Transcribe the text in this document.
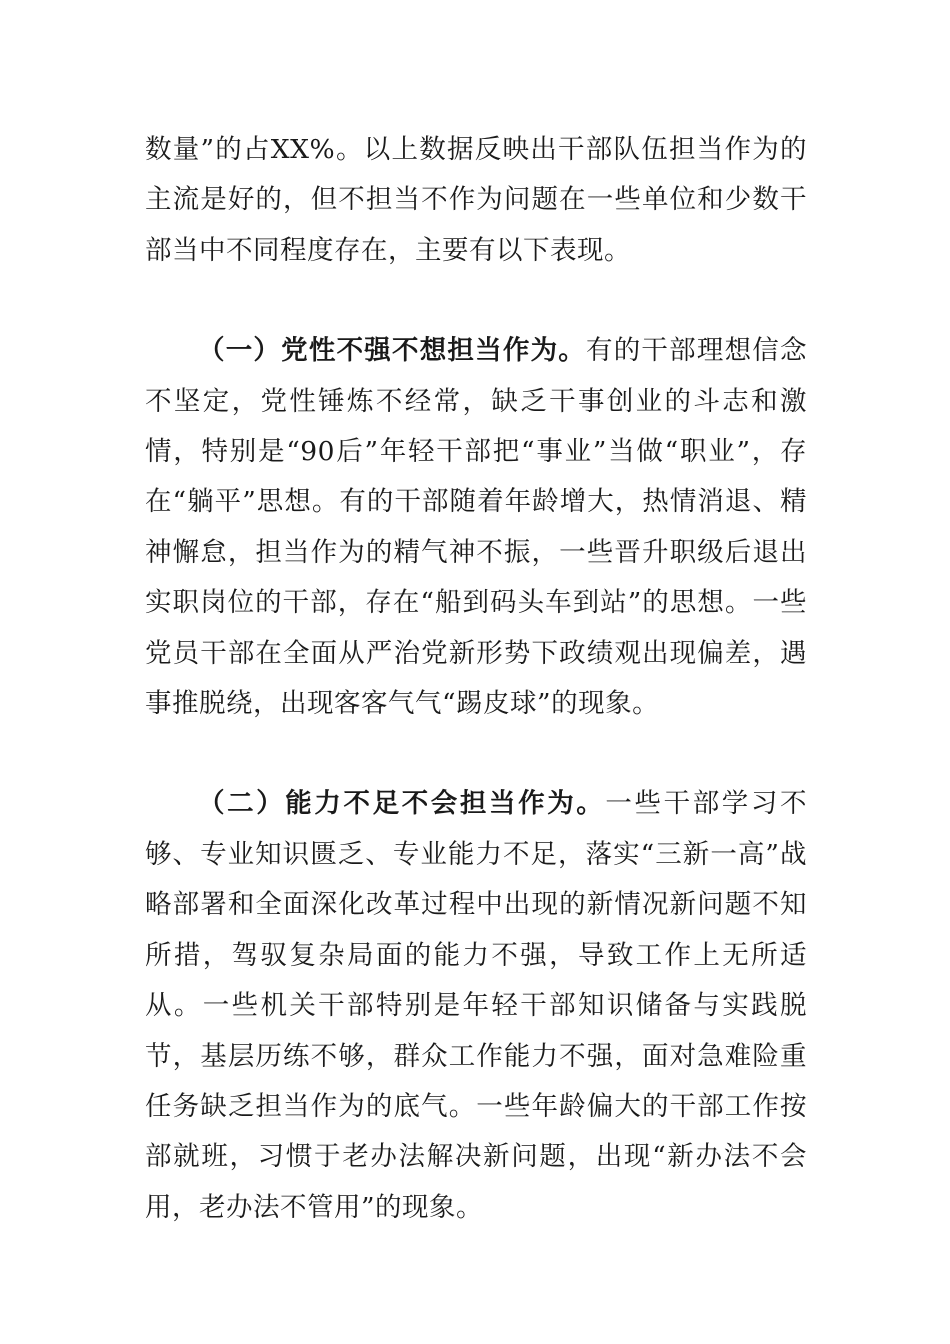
数量”的占XX%。以上数据反映出干部队伍担当作为的主流是好的，但不担当不作为问题在一些单位和少数干部当中不同程度存在，主要有以下表现。

（一）党性不强不想担当作为。有的干部理想信念不坚定，党性锤炼不经常，缺乏干事创业的斗志和激情，特别是“90后”年轻干部把“事业”当做“职业”，存在“躺平”思想。有的干部随着年龄增大，热情消退、精神懈怠，担当作为的精气神不振，一些晋升职级后退出实职岗位的干部，存在“船到码头车到站”的思想。一些党员干部在全面从严治党新形势下政绩观出现偏差，遇事推脱绕，出现客客气气“踢皮球”的现象。

（二）能力不足不会担当作为。一些干部学习不够、专业知识匮乏、专业能力不足，落实“三新一高”战略部署和全面深化改革过程中出现的新情况新问题不知所措，驾驭复杂局面的能力不强，导致工作上无所适从。一些机关干部特别是年轻干部知识储备与实践脱节，基层历练不够，群众工作能力不强，面对急难险重任务缺乏担当作为的底气。一些年龄偏大的干部工作按部就班，习惯于老办法解决新问题，出现“新办法不会用，老办法不管用”的现象。
